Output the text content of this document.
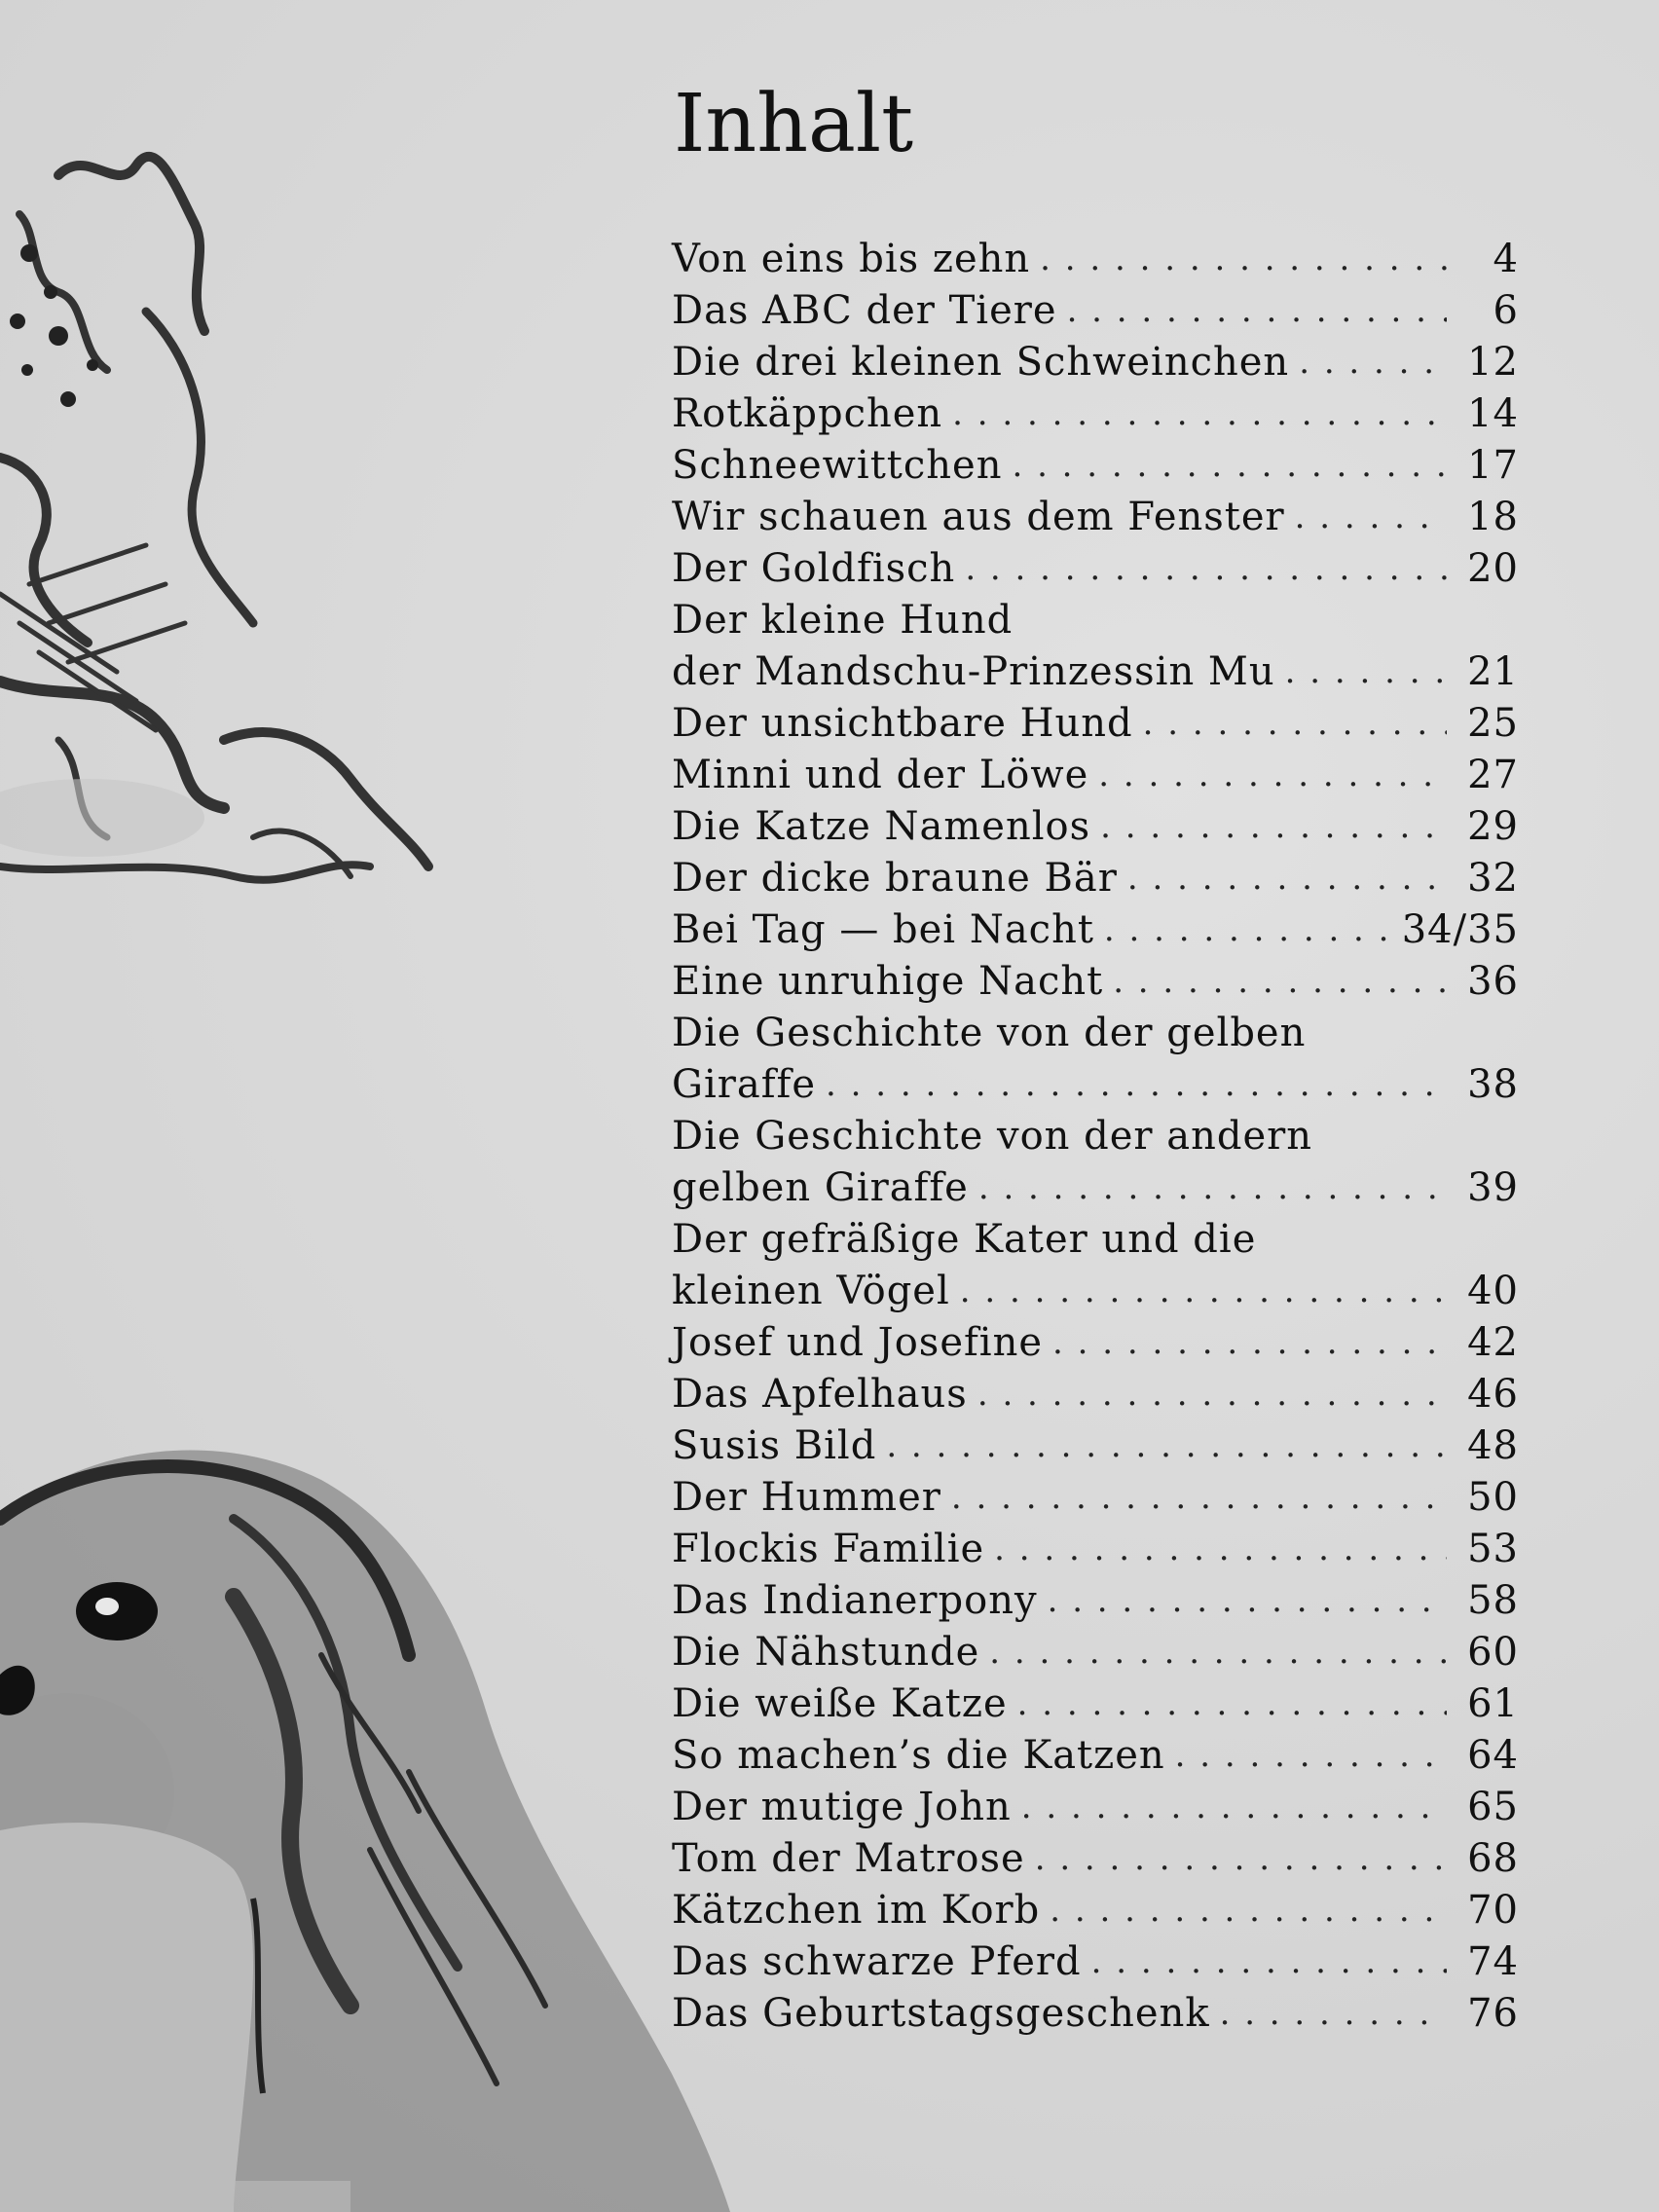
Inhalt
Von eins bis zehn . . .	4
Das ABC der Tiere . . .	6
Die drei kleinen Schweinchen . . .	12
Rotkäppchen . . .	14
Schneewittchen . . .	17
Wir schauen aus dem Fenster . . .	18
Der Goldfisch . . .	20
Der kleine Hund
der Mandschu-Prinzessin Mu . . .	21
Der unsichtbare Hund . . .	25
Minni und der Löwe . . .	27
Die Katze Namenlos . . .	29
Der dicke braune Bär . . .	32
Bei Tag — bei Nacht . . .	34/35
Eine unruhige Nacht . . .	36
Die Geschichte von der gelben
Giraffe . . .	38
Die Geschichte von der andern
gelben Giraffe . . .	39
Der gefräßige Kater und die
kleinen Vögel . . .	40
Josef und Josefine . . .	42
Das Apfelhaus . . .	46
Susis Bild . . .	48
Der Hummer . . .	50
Flockis Familie . . .	53
Das Indianerpony . . .	58
Die Nähstunde . . .	60
Die weiße Katze . . .	61
So machen’s die Katzen . . .	64
Der mutige John . . .	65
Tom der Matrose . . .	68
Kätzchen im Korb . . .	70
Das schwarze Pferd . . .	74
Das Geburtstagsgeschenk . . .	76
